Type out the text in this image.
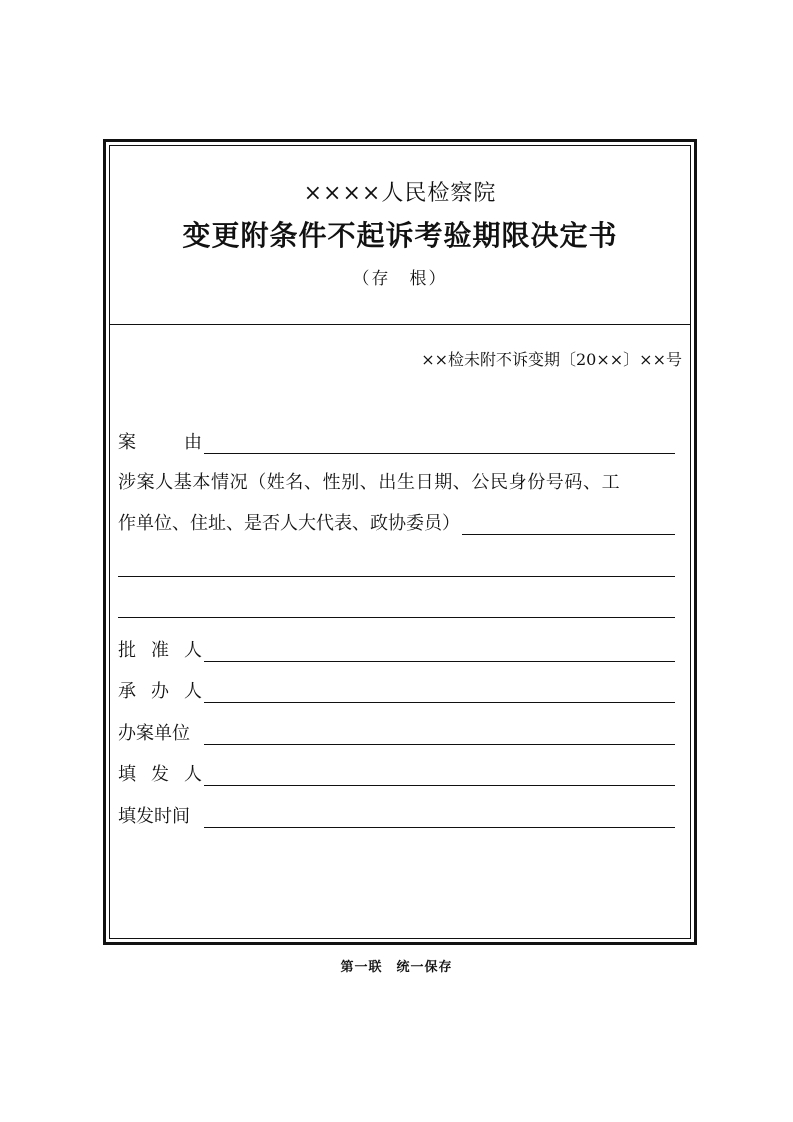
××××人民检察院
变更附条件不起诉考验期限决定书
（存　根）
××检未附不诉变期〔20××〕××号
案	由
涉案人基本情况（姓名、性别、出生日期、公民身份号码、工
作单位、住址、是否人大代表、政协委员）
批 准 人
承 办 人
办案单位
填 发 人
填发时间
第一联　统一保存
